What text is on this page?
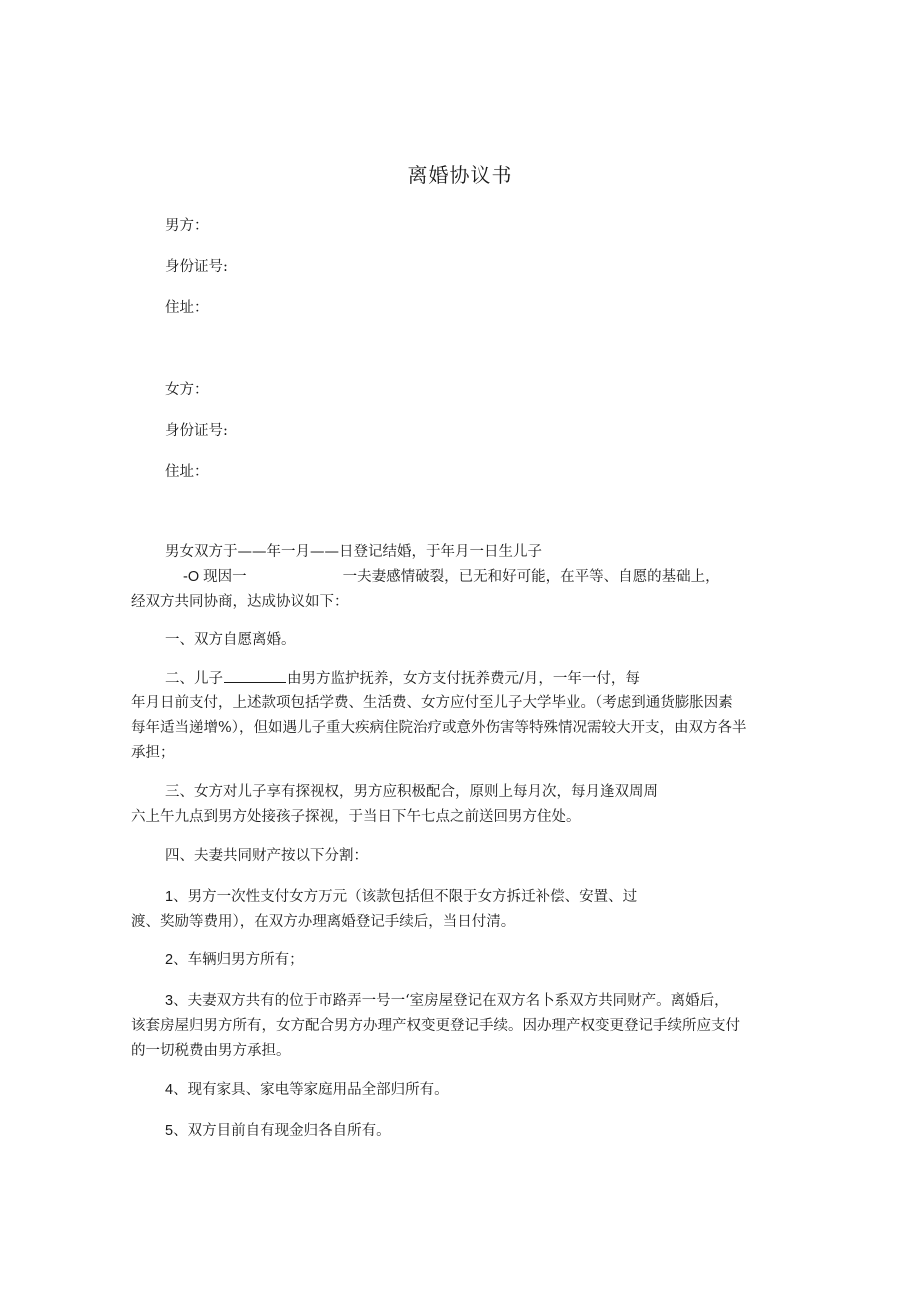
离婚协议书
男方：
身份证号:
住址：
女方：
身份证号:
住址：
男女双方于——年一月——日登记结婚，于年月一日生儿子
-O 现因一	一夫妻感情破裂，已无和好可能，在平等、自愿的基础上，
经双方共同协商，达成协议如下：
一、双方自愿离婚。
二、儿子	由男方监护抚养，女方支付抚养费元/月，一年一付，每
年月日前支付，上述款项包括学费、生活费、女方应付至儿子大学毕业。（考虑到通货膨胀因素
每年适当递增%），但如遇儿子重大疾病住院治疗或意外伤害等特殊情况需较大开支，由双方各半
承担；
三、女方对儿子享有探视权，男方应积极配合，原则上每月次，每月逢双周周
六上午九点到男方处接孩子探视，于当日下午七点之前送回男方住处。
四、夫妻共同财产按以下分割：
1、男方一次性支付女方万元（该款包括但不限于女方拆迁补偿、安置、过
渡、奖励等费用），在双方办理离婚登记手续后，当日付清。
2、车辆归男方所有；
3、夫妻双方共有的位于市路弄一号一‘室房屋登记在双方名卜系双方共同财产。离婚后，
该套房屋归男方所有，女方配合男方办理产权变更登记手续。因办理产权变更登记手续所应支付
的一切税费由男方承担。
4、现有家具、家电等家庭用品全部归所有。
5、双方目前自有现金归各自所有。
